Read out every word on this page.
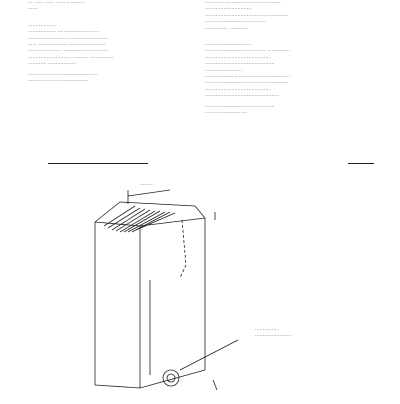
… …… …… …… …………
……
………………
……………… ………………………
…………………… ………………………
…… ……………… ……………………
………………… …………………………
………………………………… ……………
………… ………………
………………………………………
…………………………………
………… ………………………………
…………………………
………………………………………………
…………………………………
…………… …………
…………………………
………………………………… ……………
……………………………………
………………………………………
……………………
………………… ……………………………
………………………………………………
……………………………………
…………………………………………
………………………………………
………………………
………
……………
……………………
